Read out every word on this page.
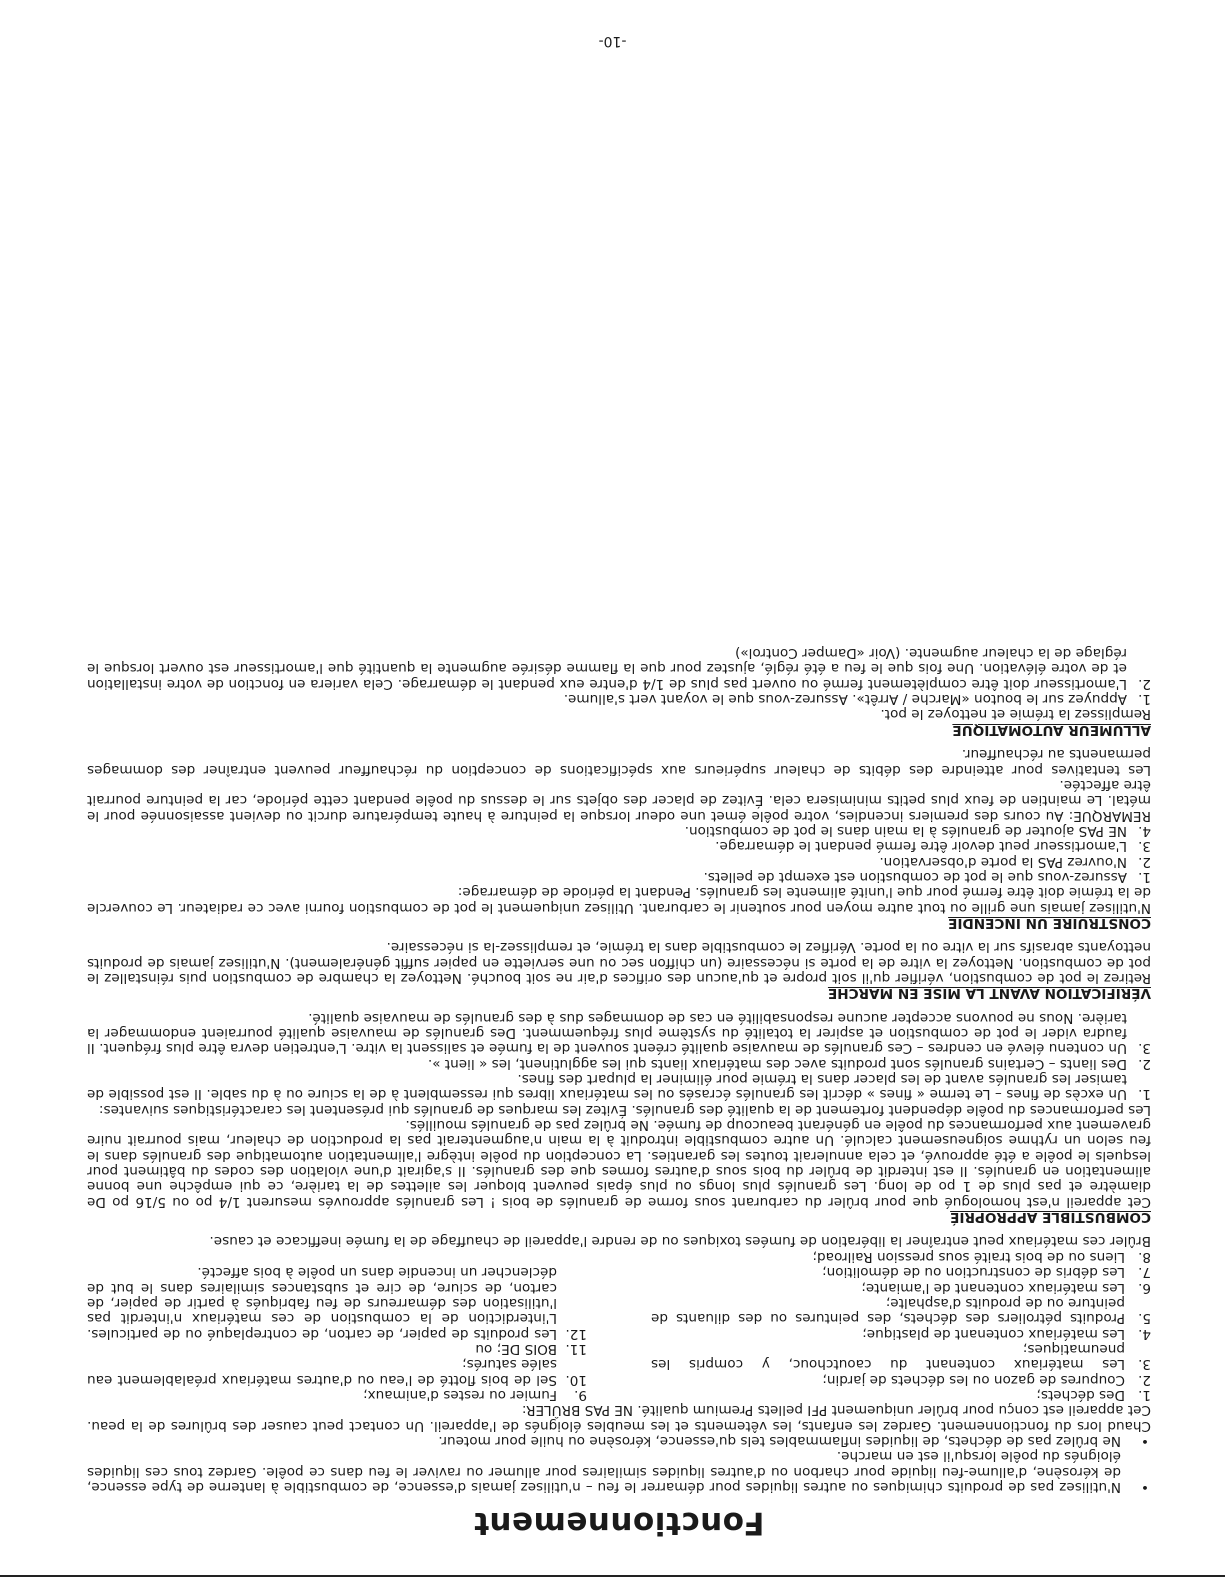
Fonctionnement
•
N'utilisez pas de produits chimiques ou autres liquides pour démarrer le feu – n'utilisez jamais d'essence, de combustible à lanterne de type essence, de kérosène, d'allume-feu liquide pour charbon ou d'autres liquides similaires pour allumer ou raviver le feu dans ce poêle. Gardez tous ces liquides éloignés du poêle lorsqu'il est en marche.
•
Ne brûlez pas de déchets, de liquides inflammables tels qu'essence, kérosène ou huile pour moteur.

Chaud lors du fonctionnement. Gardez les enfants, les vêtements et les meubles éloignés de l'appareil. Un contact peut causer des brûlures de la peau. Cet appareil est conçu pour brûler uniquement PFI pellets Premium qualité. NE PAS BRÛLER:

1.
Des déchets;
2.
Coupures de gazon ou les déchets de jardin;
3.
Les matériaux contenant du caoutchouc, y compris les pneumatiques;
4.
Les matériaux contenant de plastique;
5.
Produits pétroliers des déchets, des peintures ou des diluants de peinture ou de produits d'asphalte;
6.
Les matériaux contenant de l'amiante;
7.
Les débris de construction ou de démolition;
8.
Liens ou de bois traité sous pression Railroad;
9.
Fumier ou restes d'animaux;
10.
Sel de bois flotté de l'eau ou d'autres matériaux préalablement eau salée saturés;
11.
BOIS DE; ou
12.
Les produits de papier, de carton, de contreplaqué ou de particules. L'interdiction de la combustion de ces matériaux n'interdit pas l'utilisation des démarreurs de feu fabriqués à partir de papier, de carton, de sciure, de cire et substances similaires dans le but de déclencher un incendie dans un poêle à bois affecté.

Brûler ces matériaux peut entraîner la libération de fumées toxiques ou de rendre l'appareil de chauffage de la fumée inefficace et cause.

COMBUSTIBLE APPROPRIÉ

Cet appareil n'est homologué que pour brûler du carburant sous forme de granulés de bois ! Les granulés approuvés mesurent 1/4 po ou 5/16 po De diamètre et pas plus de 1 po de long. Les granulés plus longs ou plus épais peuvent bloquer les ailettes de la tarière, ce qui empêche une bonne alimentation en granulés. Il est interdit de brûler du bois sous d'autres formes que des granulés. Il s'agirait d'une violation des codes du bâtiment pour lesquels le poêle a été approuvé, et cela annulerait toutes les garanties. La conception du poêle intègre l'alimentation automatique des granulés dans le feu selon un rythme soigneusement calculé. Un autre combustible introduit à la main n'augmenterait pas la production de chaleur, mais pourrait nuire gravement aux performances du poêle en générant beaucoup de fumée. Ne brûlez pas de granulés mouillés.

Les performances du poêle dépendent fortement de la qualité des granulés. Évitez les marques de granulés qui présentent les caractéristiques suivantes:

1.
Un excès de fines – Le terme « fines » décrit les granulés écrasés ou les matériaux libres qui ressemblent à de la sciure ou à du sable. Il est possible de tamiser les granulés avant de les placer dans la trémie pour éliminer la plupart des fines.
2.
Des liants – Certains granulés sont produits avec des matériaux liants qui les agglutinent, les « lient ».
3.
Un contenu élevé en cendres – Ces granulés de mauvaise qualité créent souvent de la fumée et salissent la vitre. L'entretien devra être plus fréquent. Il faudra vider le pot de combustion et aspirer la totalité du système plus fréquemment. Des granulés de mauvaise qualité pourraient endommager la tarière. Nous ne pouvons accepter aucune responsabilité en cas de dommages dus à des granulés de mauvaise qualité.

VÉRIFICATION AVANT LA MISE EN MARCHE

Retirez le pot de combustion, vérifier qu'il soit propre et qu'aucun des orifices d'air ne soit bouché. Nettoyez la chambre de combustion puis réinstallez le pot de combustion. Nettoyez la vitre de la porte si nécessaire (un chiffon sec ou une serviette en papier suffit généralement). N'utilisez jamais de produits nettoyants abrasifs sur la vitre ou la porte. Vérifiez le combustible dans la trémie, et remplissez-la si nécessaire.

CONSTRUIRE UN INCENDIE

N'utilisez jamais une grille ou tout autre moyen pour soutenir le carburant. Utilisez uniquement le pot de combustion fourni avec ce radiateur. Le couvercle de la trémie doit être fermé pour que l'unité alimente les granulés. Pendant la période de démarrage:

1.
Assurez-vous que le pot de combustion est exempt de pellets.
2.
N'ouvrez PAS la porte d'observation.
3.
L'amortisseur peut devoir être fermé pendant le démarrage.
4.
NE PAS ajouter de granulés à la main dans le pot de combustion.

REMARQUE: Au cours des premiers incendies, votre poêle émet une odeur lorsque la peinture à haute température durcit ou devient assaisonnée pour le métal. Le maintien de feux plus petits minimisera cela. Évitez de placer des objets sur le dessus du poêle pendant cette période, car la peinture pourrait être affectée.

Les tentatives pour atteindre des débits de chaleur supérieurs aux spécifications de conception du réchauffeur peuvent entraîner des dommages permanents au réchauffeur.

ALLUMEUR AUTOMATIQUE

Remplissez la trémie et nettoyez le pot.

1.
Appuyez sur le bouton «Marche / Arrêt». Assurez-vous que le voyant vert s'allume.
2.
L'amortisseur doit être complètement fermé ou ouvert pas plus de 1/4 d'entre eux pendant le démarrage. Cela variera en fonction de votre installation et de votre élévation. Une fois que le feu a été réglé, ajustez pour que la flamme désirée augmente la quantité que l'amortisseur est ouvert lorsque le réglage de la chaleur augmente. (Voir «Damper Control»)
-10-
